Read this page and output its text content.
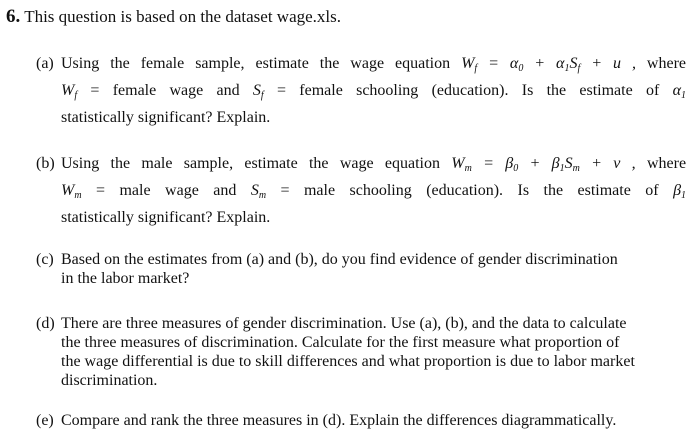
6. This question is based on the dataset wage.xls.
(a) Using the female sample, estimate the wage equation $W_f = \alpha_0 + \alpha_1S_f + u$ , where
$W_f$ = female wage and $S_f$ = female schooling (education). Is the estimate of $\alpha_1$
statistically significant? Explain.
(b) Using the male sample, estimate the wage equation $W_m = \beta_0 + \beta_1S_m + v$ , where
$W_m$ = male wage and $S_m$ = male schooling (education). Is the estimate of $\beta_1$
statistically significant? Explain.
(c) Based on the estimates from (a) and (b), do you find evidence of gender discrimination
in the labor market?
(d) There are three measures of gender discrimination. Use (a), (b), and the data to calculate
the three measures of discrimination. Calculate for the first measure what proportion of
the wage differential is due to skill differences and what proportion is due to labor market
discrimination.
(e) Compare and rank the three measures in (d). Explain the differences diagrammatically.
